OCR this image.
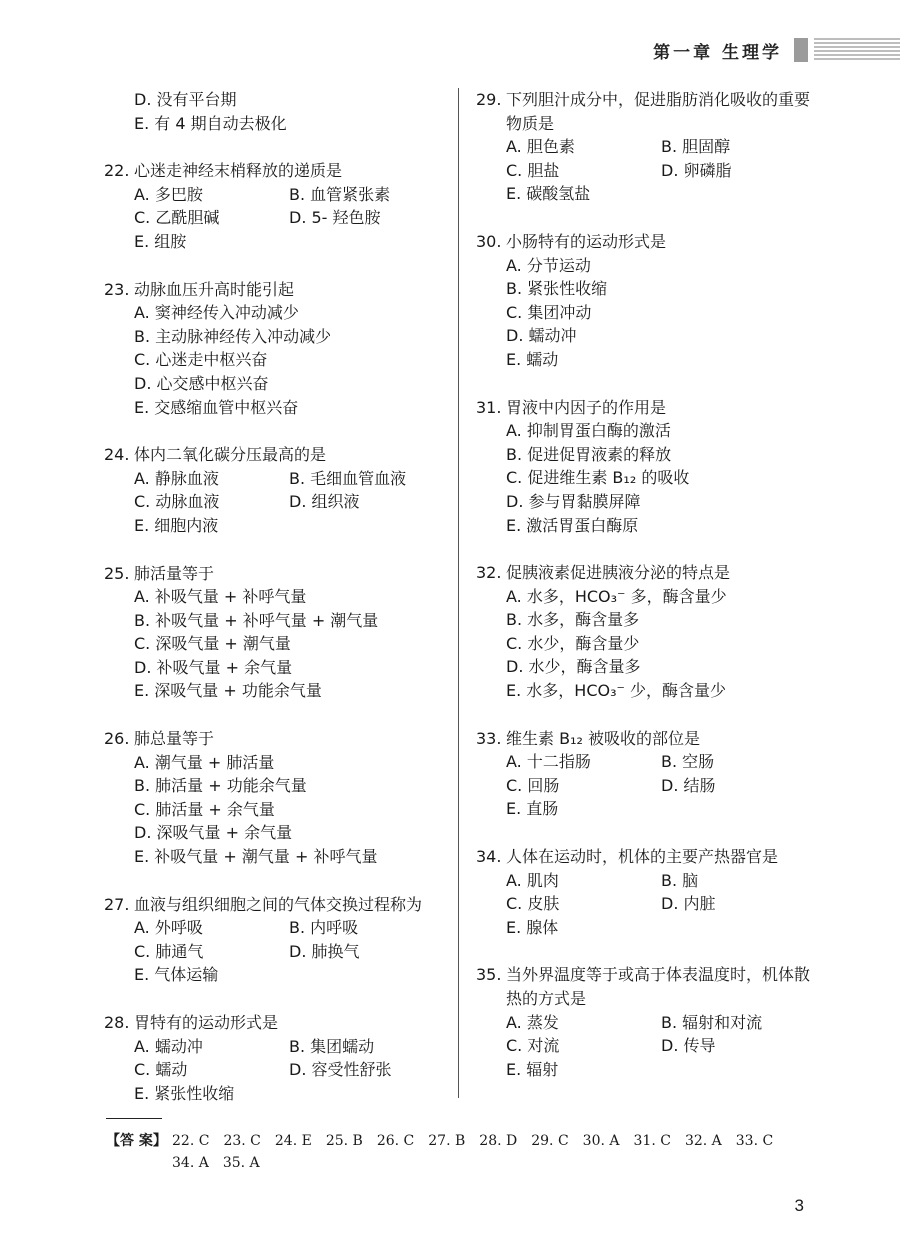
第一章 生理学
D. 没有平台期
E. 有 4 期自动去极化
22. 心迷走神经末梢释放的递质是
A. 多巴胺	B. 血管紧张素
C. 乙酰胆碱	D. 5- 羟色胺
E. 组胺
23. 动脉血压升高时能引起
A. 窦神经传入冲动减少
B. 主动脉神经传入冲动减少
C. 心迷走中枢兴奋
D. 心交感中枢兴奋
E. 交感缩血管中枢兴奋
24. 体内二氧化碳分压最高的是
A. 静脉血液	B. 毛细血管血液
C. 动脉血液	D. 组织液
E. 细胞内液
25. 肺活量等于
A. 补吸气量 + 补呼气量
B. 补吸气量 + 补呼气量 + 潮气量
C. 深吸气量 + 潮气量
D. 补吸气量 + 余气量
E. 深吸气量 + 功能余气量
26. 肺总量等于
A. 潮气量 + 肺活量
B. 肺活量 + 功能余气量
C. 肺活量 + 余气量
D. 深吸气量 + 余气量
E. 补吸气量 + 潮气量 + 补呼气量
27. 血液与组织细胞之间的气体交换过程称为
A. 外呼吸	B. 内呼吸
C. 肺通气	D. 肺换气
E. 气体运输
28. 胃特有的运动形式是
A. 蠕动冲	B. 集团蠕动
C. 蠕动	D. 容受性舒张
E. 紧张性收缩
29. 下列胆汁成分中，促进脂肪消化吸收的重要物质是
A. 胆色素	B. 胆固醇
C. 胆盐	D. 卵磷脂
E. 碳酸氢盐
30. 小肠特有的运动形式是
A. 分节运动
B. 紧张性收缩
C. 集团冲动
D. 蠕动冲
E. 蠕动
31. 胃液中内因子的作用是
A. 抑制胃蛋白酶的激活
B. 促进促胃液素的释放
C. 促进维生素 B₁₂ 的吸收
D. 参与胃黏膜屏障
E. 激活胃蛋白酶原
32. 促胰液素促进胰液分泌的特点是
A. 水多，HCO₃⁻ 多，酶含量少
B. 水多，酶含量多
C. 水少，酶含量少
D. 水少，酶含量多
E. 水多，HCO₃⁻ 少，酶含量少
33. 维生素 B₁₂ 被吸收的部位是
A. 十二指肠	B. 空肠
C. 回肠	D. 结肠
E. 直肠
34. 人体在运动时，机体的主要产热器官是
A. 肌肉	B. 脑
C. 皮肤	D. 内脏
E. 腺体
35. 当外界温度等于或高于体表温度时，机体散热的方式是
A. 蒸发	B. 辐射和对流
C. 对流	D. 传导
E. 辐射
【答 案】 22. C 23. C 24. E 25. B 26. C 27. B 28. D 29. C 30. A 31. C 32. A 33. C34. A 35. A
3
